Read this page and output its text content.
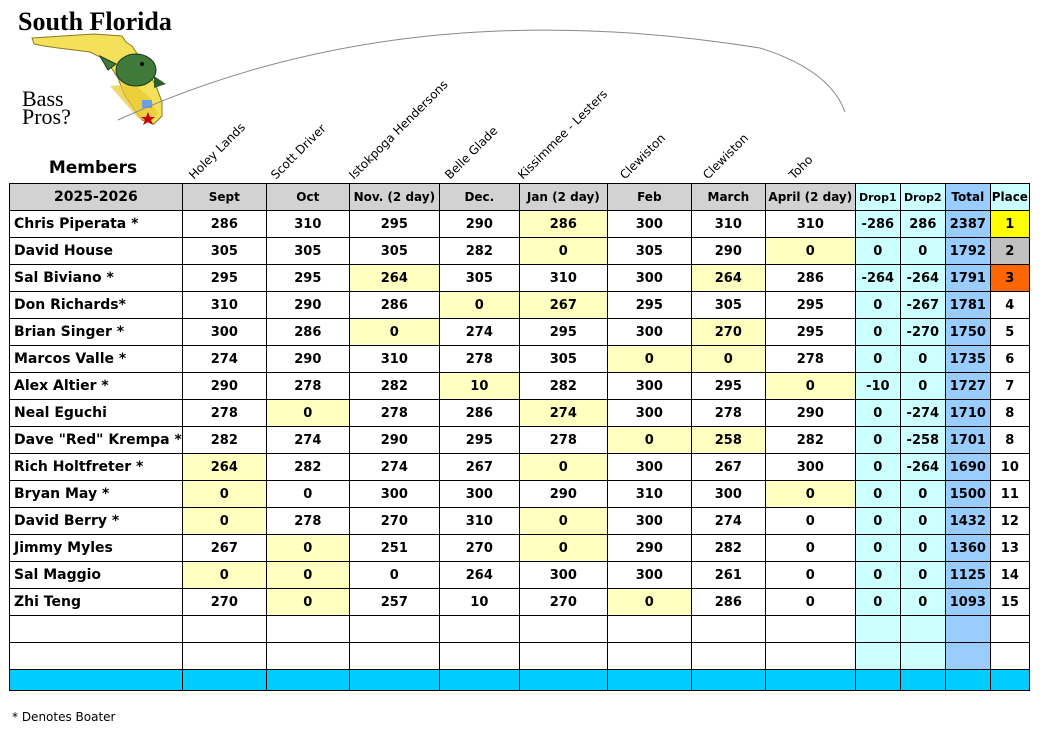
South Florida
Bass
Pros?
Holey Lands Scott Driver Istokpoga Hendersons
Belle Glade Kissimmee - Lesters Clewiston	Clewiston	Toho
Members
2025-2026	Sept	Oct	Nov. (2 day)	Dec.	Jan (2 day)	Feb	March	April (2 day)	Drop1	Drop2	Total	Place
Chris Piperata *	286	310	295	290	286	300	310	310	-286	286	2387	1
David House	305	305	305	282	0	305	290	0	0	0	1792	2
Sal Biviano *	295	295	264	305	310	300	264	286	-264	-264	1791	3
Don Richards*	310	290	286	0	267	295	305	295	0	-267	1781	4
Brian Singer *	300	286	0	274	295	300	270	295	0	-270	1750	5
Marcos Valle *	274	290	310	278	305	0	0	278	0	0	1735	6
Alex Altier *	290	278	282	10	282	300	295	0	-10	0	1727	7
Neal Eguchi	278	0	278	286	274	300	278	290	0	-274	1710	8
Dave "Red" Krempa *	282	274	290	295	278	0	258	282	0	-258	1701	8
Rich Holtfreter *	264	282	274	267	0	300	267	300	0	-264	1690	10
Bryan May *	0	0	300	300	290	310	300	0	0	0	1500	11
David Berry *	0	278	270	310	0	300	274	0	0	0	1432	12
Jimmy Myles	267	0	251	270	0	290	282	0	0	0	1360	13
Sal Maggio	0	0	0	264	300	300	261	0	0	0	1125	14
Zhi Teng	270	0	257	10	270	0	286	0	0	0	1093	15

* Denotes Boater
